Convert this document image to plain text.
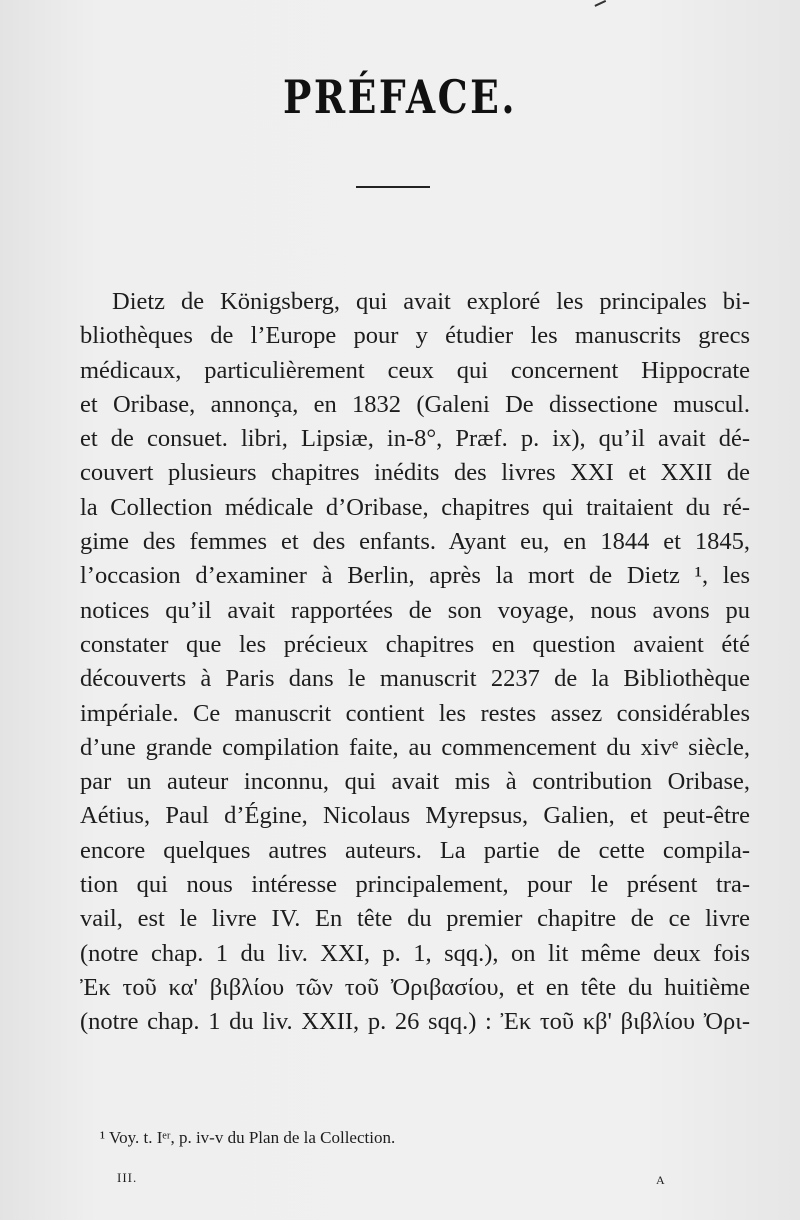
PRÉFACE.
Dietz de Königsberg, qui avait exploré les principales bi-
bliothèques de l’Europe pour y étudier les manuscrits grecs
médicaux, particulièrement ceux qui concernent Hippocrate
et Oribase, annonça, en 1832 (Galeni De dissectione muscul.
et de consuet. libri, Lipsiæ, in-8°, Præf. p. ix), qu’il avait dé-
couvert plusieurs chapitres inédits des livres XXI et XXII de
la Collection médicale d’Oribase, chapitres qui traitaient du ré-
gime des femmes et des enfants. Ayant eu, en 1844 et 1845,
l’occasion d’examiner à Berlin, après la mort de Dietz ¹, les
notices qu’il avait rapportées de son voyage, nous avons pu
constater que les précieux chapitres en question avaient été
découverts à Paris dans le manuscrit 2237 de la Bibliothèque
impériale. Ce manuscrit contient les restes assez considérables
d’une grande compilation faite, au commencement du xivᵉ siècle,
par un auteur inconnu, qui avait mis à contribution Oribase,
Aétius, Paul d’Égine, Nicolaus Myrepsus, Galien, et peut-être
encore quelques autres auteurs. La partie de cette compila-
tion qui nous intéresse principalement, pour le présent tra-
vail, est le livre IV. En tête du premier chapitre de ce livre
(notre chap. 1 du liv. XXI, p. 1, sqq.), on lit même deux fois
Ἐκ τοῦ κα' βιβλίου τῶν τοῦ Ὀριβασίου, et en tête du huitième
(notre chap. 1 du liv. XXII, p. 26 sqq.) : Ἐκ τοῦ κβ' βιβλίου Ὀρι-
¹ Voy. t. Iᵉʳ, p. iv-v du Plan de la Collection.
III.	A
